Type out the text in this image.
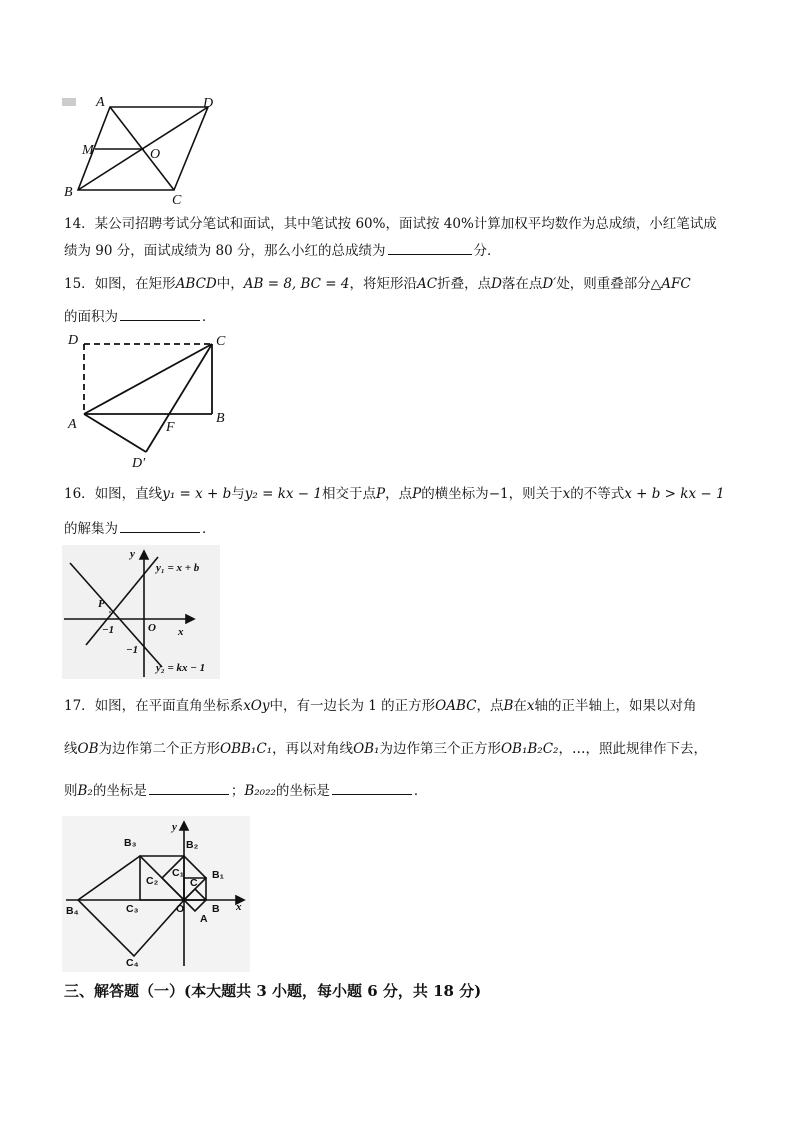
A	D
M	O
B
C
14．某公司招聘考试分笔试和面试，其中笔试按 60%，面试按 40%计算加权平均数作为总成绩，小红笔试成
绩为 90 分，面试成绩为 80 分，那么小红的总成绩为	分．
15．如图，在矩形ABCD中，AB = 8, BC = 4，将矩形沿AC折叠，点D落在点D′处，则重叠部分△AFC
的面积为	．
D	C
A	B
F
D′
16．如图，直线y₁ = x + b与y₂ = kx − 1相交于点P，点P的横坐标为−1，则关于x的不等式x + b > kx − 1
的解集为	．
y
x
y₁ = x + b
y₂ = kx − 1
P
O
−1
−1
17．如图，在平面直角坐标系xOy中，有一边长为 1 的正方形OABC，点B在x轴的正半轴上，如果以对角
线OB为边作第二个正方形OBB₁C₁，再以对角线OB₁为边作第三个正方形OB₁B₂C₂，…，照此规律作下去，
则B₂的坐标是	；B₂₀₂₂的坐标是	．
B₃	B₂
B₁
B₄	C₃
C₂
C₁
C
O
A
B
C₄
x
y
三、解答题（一）(本大题共 3 小题，每小题 6 分，共 18 分)
